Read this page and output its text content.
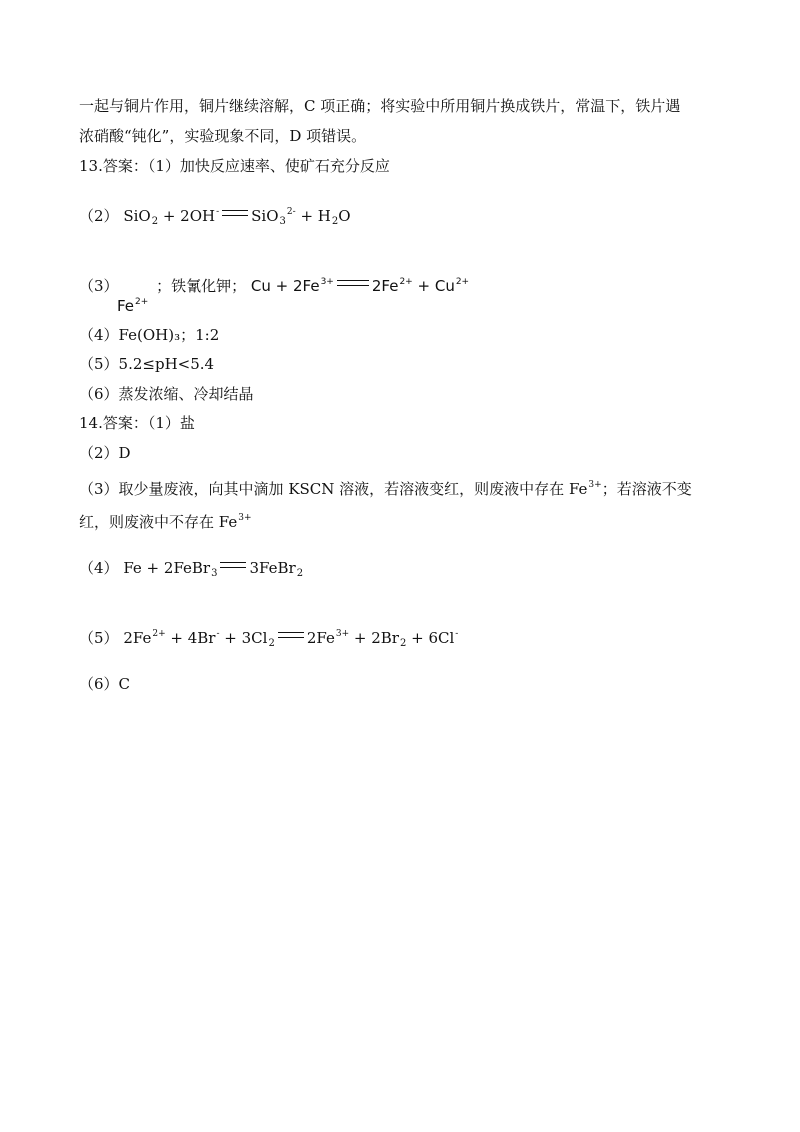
一起与铜片作用，铜片继续溶解，C 项正确；将实验中所用铜片换成铁片，常温下，铁片遇
浓硝酸“钝化”，实验现象不同，D 项错误。
13.答案：（1）加快反应速率、使矿石充分反应
（2） SiO$_2$ + 2OH- $SiO_3^{2-} + H_2O$
（3）	；铁氰化钾； $Cu + 2Fe^{3+}$	$2Fe^{2+} + Cu^{2+}$
$Fe^{2+}$
（4）Fe(OH)₃；1:2
（5）5.2≤pH<5.4
（6）蒸发浓缩、冷却结晶
14.答案：（1）盐
（2）D
（3）取少量废液，向其中滴加 KSCN 溶液，若溶液变红，则废液中存在 $Fe^{3+}$；若溶液不变
红，则废液中不存在 $Fe^{3+}$
（4） Fe + 2FeBr$_3$ 3FeBr$_2$
（5） $2Fe^{2+} + 4Br^- + 3Cl_2$ $2Fe^{3+} + 2Br_2 + 6Cl^-$
（6）C
